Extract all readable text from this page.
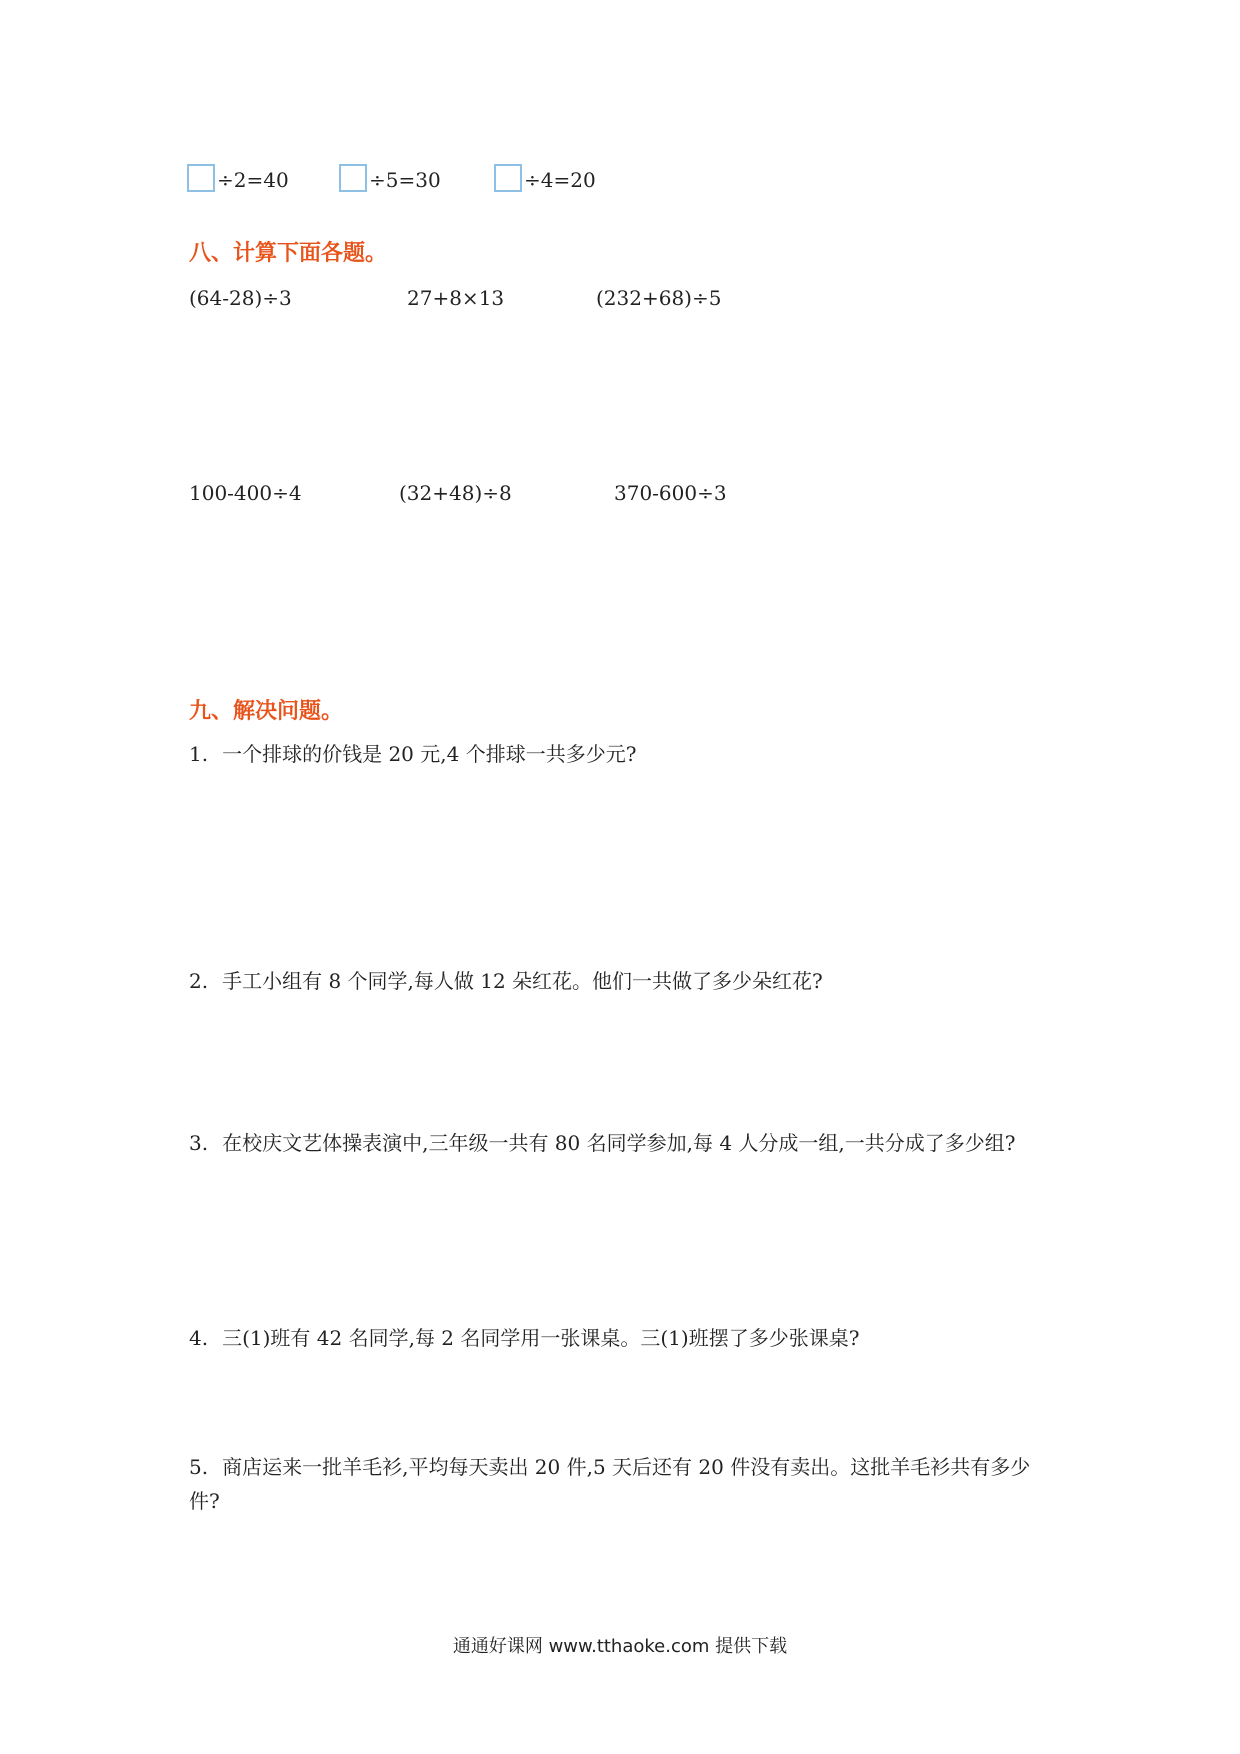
÷2=40	÷5=30	÷4=20
八、计算下面各题。
(64-28)÷3	27+8×13	(232+68)÷5
100-400÷4	(32+48)÷8	370-600÷3
九、解决问题。
1. 一个排球的价钱是 20 元,4 个排球一共多少元?
2. 手工小组有 8 个同学,每人做 12 朵红花。他们一共做了多少朵红花?
3. 在校庆文艺体操表演中,三年级一共有 80 名同学参加,每 4 人分成一组,一共分成了多少组?
4. 三(1)班有 42 名同学,每 2 名同学用一张课桌。三(1)班摆了多少张课桌?
5. 商店运来一批羊毛衫,平均每天卖出 20 件,5 天后还有 20 件没有卖出。这批羊毛衫共有多少件?
通通好课网 www.tthaoke.com 提供下载
